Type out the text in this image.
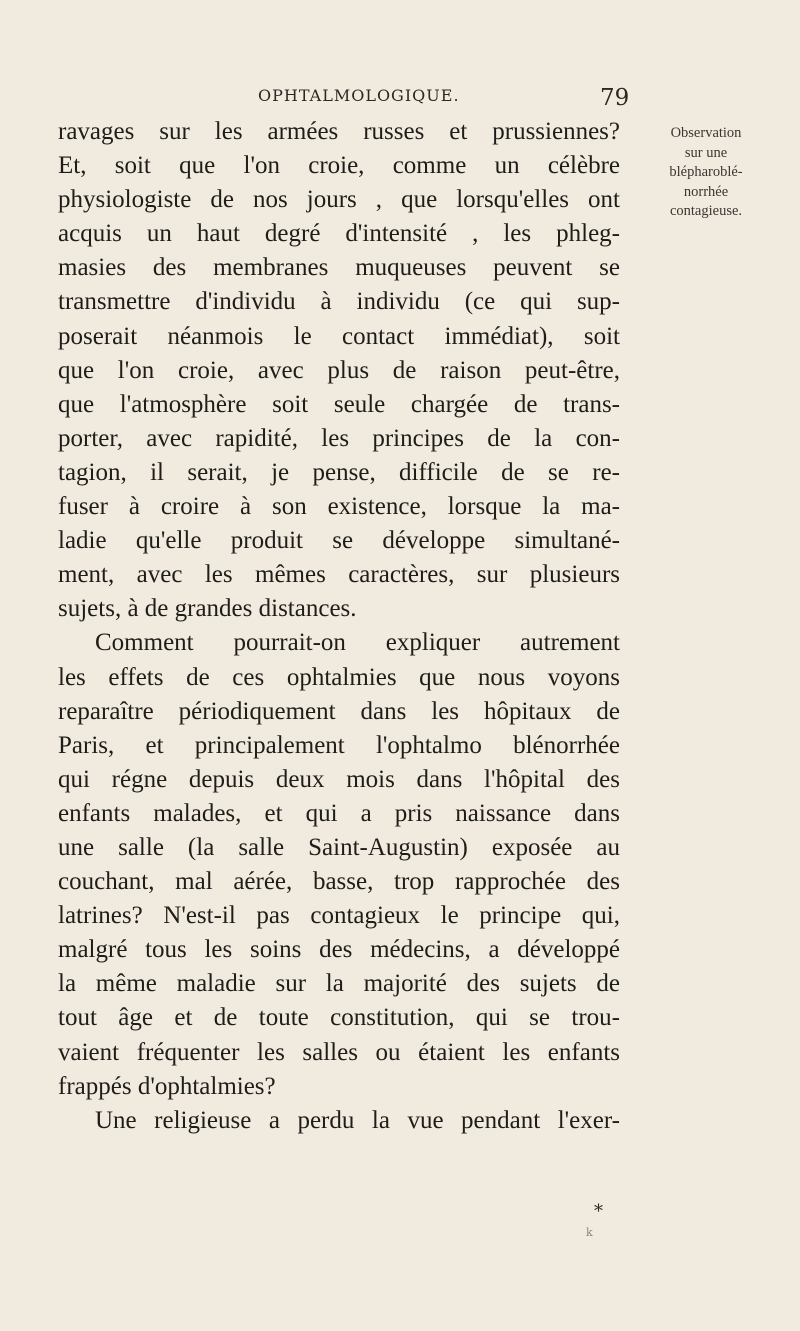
OPHTALMOLOGIQUE.	79
Observation
sur une
blépharoblé-
norrhée
contagieuse.
ravages sur les armées russes et prussiennes?
Et, soit que l'on croie, comme un célèbre
physiologiste de nos jours , que lorsqu'elles ont
acquis un haut degré d'intensité , les phleg-
masies des membranes muqueuses peuvent se
transmettre d'individu à individu (ce qui sup-
poserait néanmois le contact immédiat), soit
que l'on croie, avec plus de raison peut-être,
que l'atmosphère soit seule chargée de trans-
porter, avec rapidité, les principes de la con-
tagion, il serait, je pense, difficile de se re-
fuser à croire à son existence, lorsque la ma-
ladie qu'elle produit se développe simultané-
ment, avec les mêmes caractères, sur plusieurs
sujets, à de grandes distances.
Comment pourrait-on expliquer autrement
les effets de ces ophtalmies que nous voyons
reparaître périodiquement dans les hôpitaux de
Paris, et principalement l'ophtalmo blénorrhée
qui régne depuis deux mois dans l'hôpital des
enfants malades, et qui a pris naissance dans
une salle (la salle Saint-Augustin) exposée au
couchant, mal aérée, basse, trop rapprochée des
latrines? N'est-il pas contagieux le principe qui,
malgré tous les soins des médecins, a développé
la même maladie sur la majorité des sujets de
tout âge et de toute constitution, qui se trou-
vaient fréquenter les salles ou étaient les enfants
frappés d'ophtalmies?
Une religieuse a perdu la vue pendant l'exer-
*
k
